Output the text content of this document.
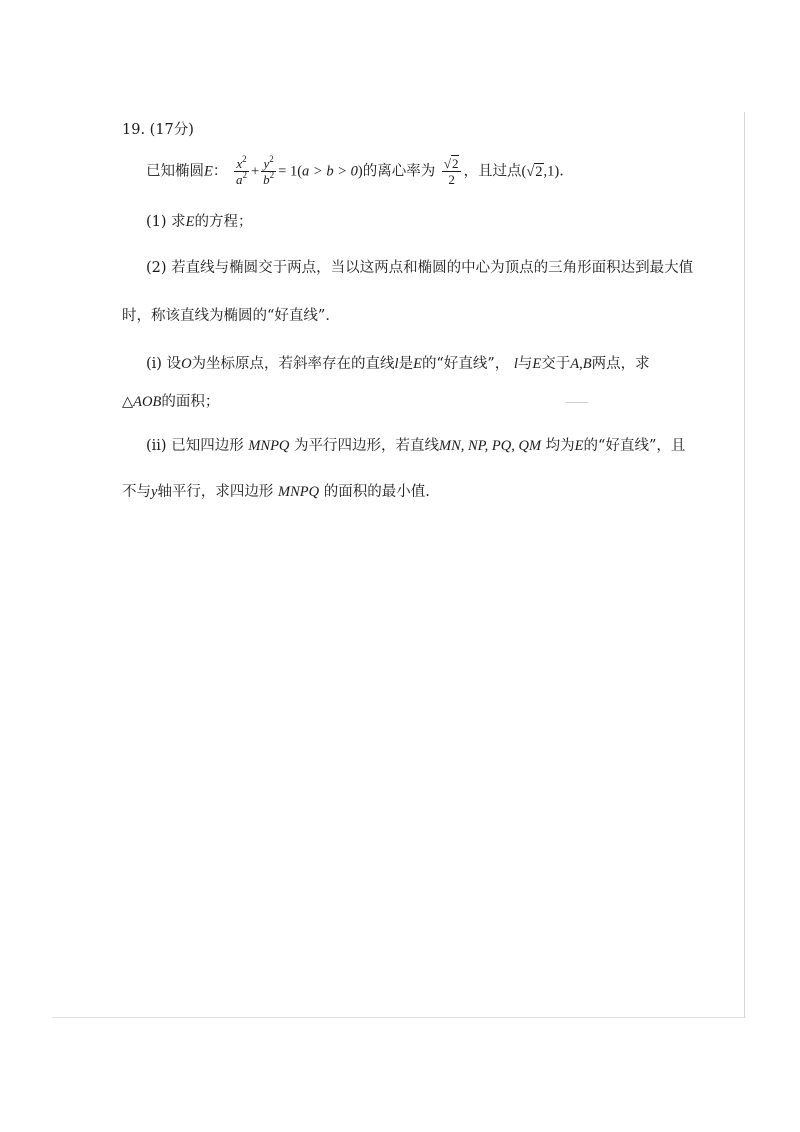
19. (17分)
已知椭圆E： $\frac{x^2}{a^2} + \frac{y^2}{b^2} = 1(a > b > 0)$的离心率为 $\frac{√2}{2}$ ，且过点(√2,1).
(1) 求E的方程；
(2) 若直线与椭圆交于两点，当以这两点和椭圆的中心为顶点的三角形面积达到最大值
时，称该直线为椭圆的“好直线”．
(i) 设O为坐标原点，若斜率存在的直线l是E的“好直线”， l与E交于A,B两点，求
△AOB的面积；
(ii) 已知四边形 MNPQ 为平行四边形，若直线MN, NP, PQ, QM 均为E的“好直线”，且
不与y轴平行，求四边形 MNPQ 的面积的最小值.
